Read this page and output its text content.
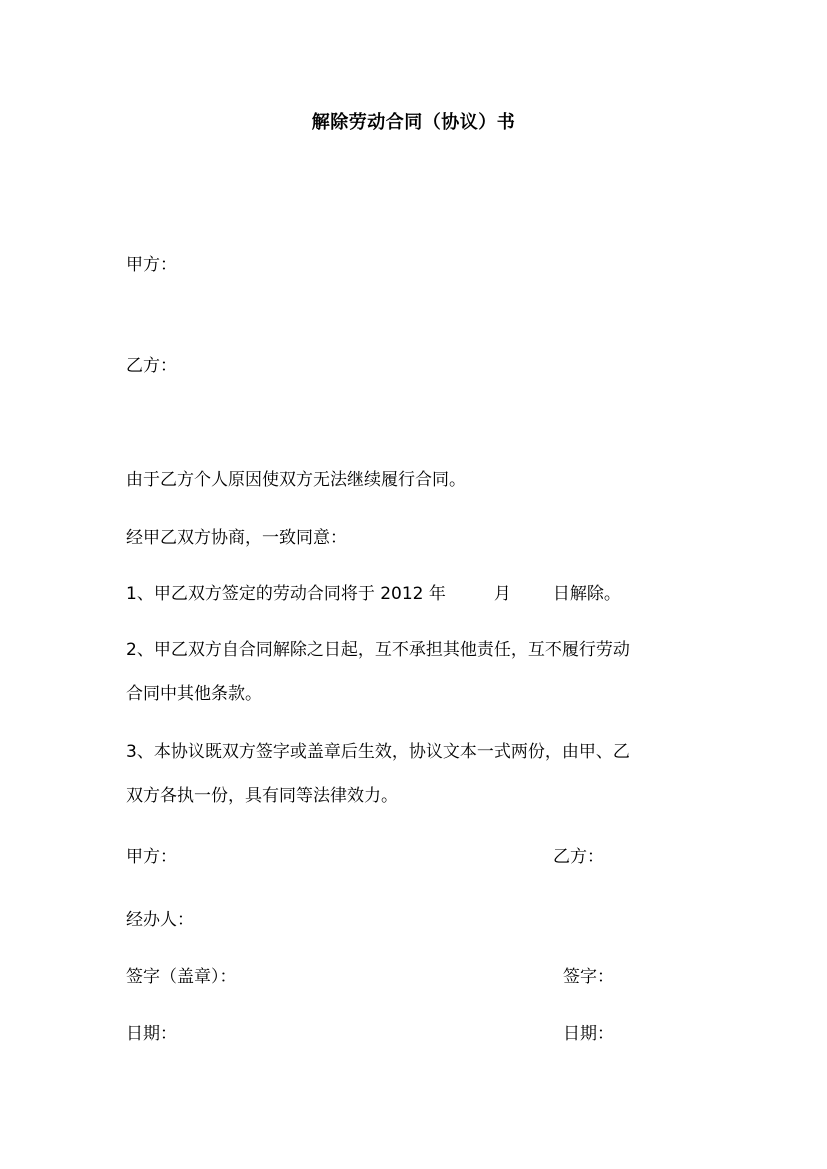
解除劳动合同（协议）书
甲方：
乙方：
由于乙方个人原因使双方无法继续履行合同。
经甲乙双方协商，一致同意：
1、甲乙双方签定的劳动合同将于 2012 年	月 日解除。
2、甲乙双方自合同解除之日起，互不承担其他责任，互不履行劳动
合同中其他条款。
3、本协议既双方签字或盖章后生效，协议文本一式两份，由甲、乙
双方各执一份，具有同等法律效力。
甲方：	乙方：
经办人：
签字（盖章）：	签字：
日期：	日期：
